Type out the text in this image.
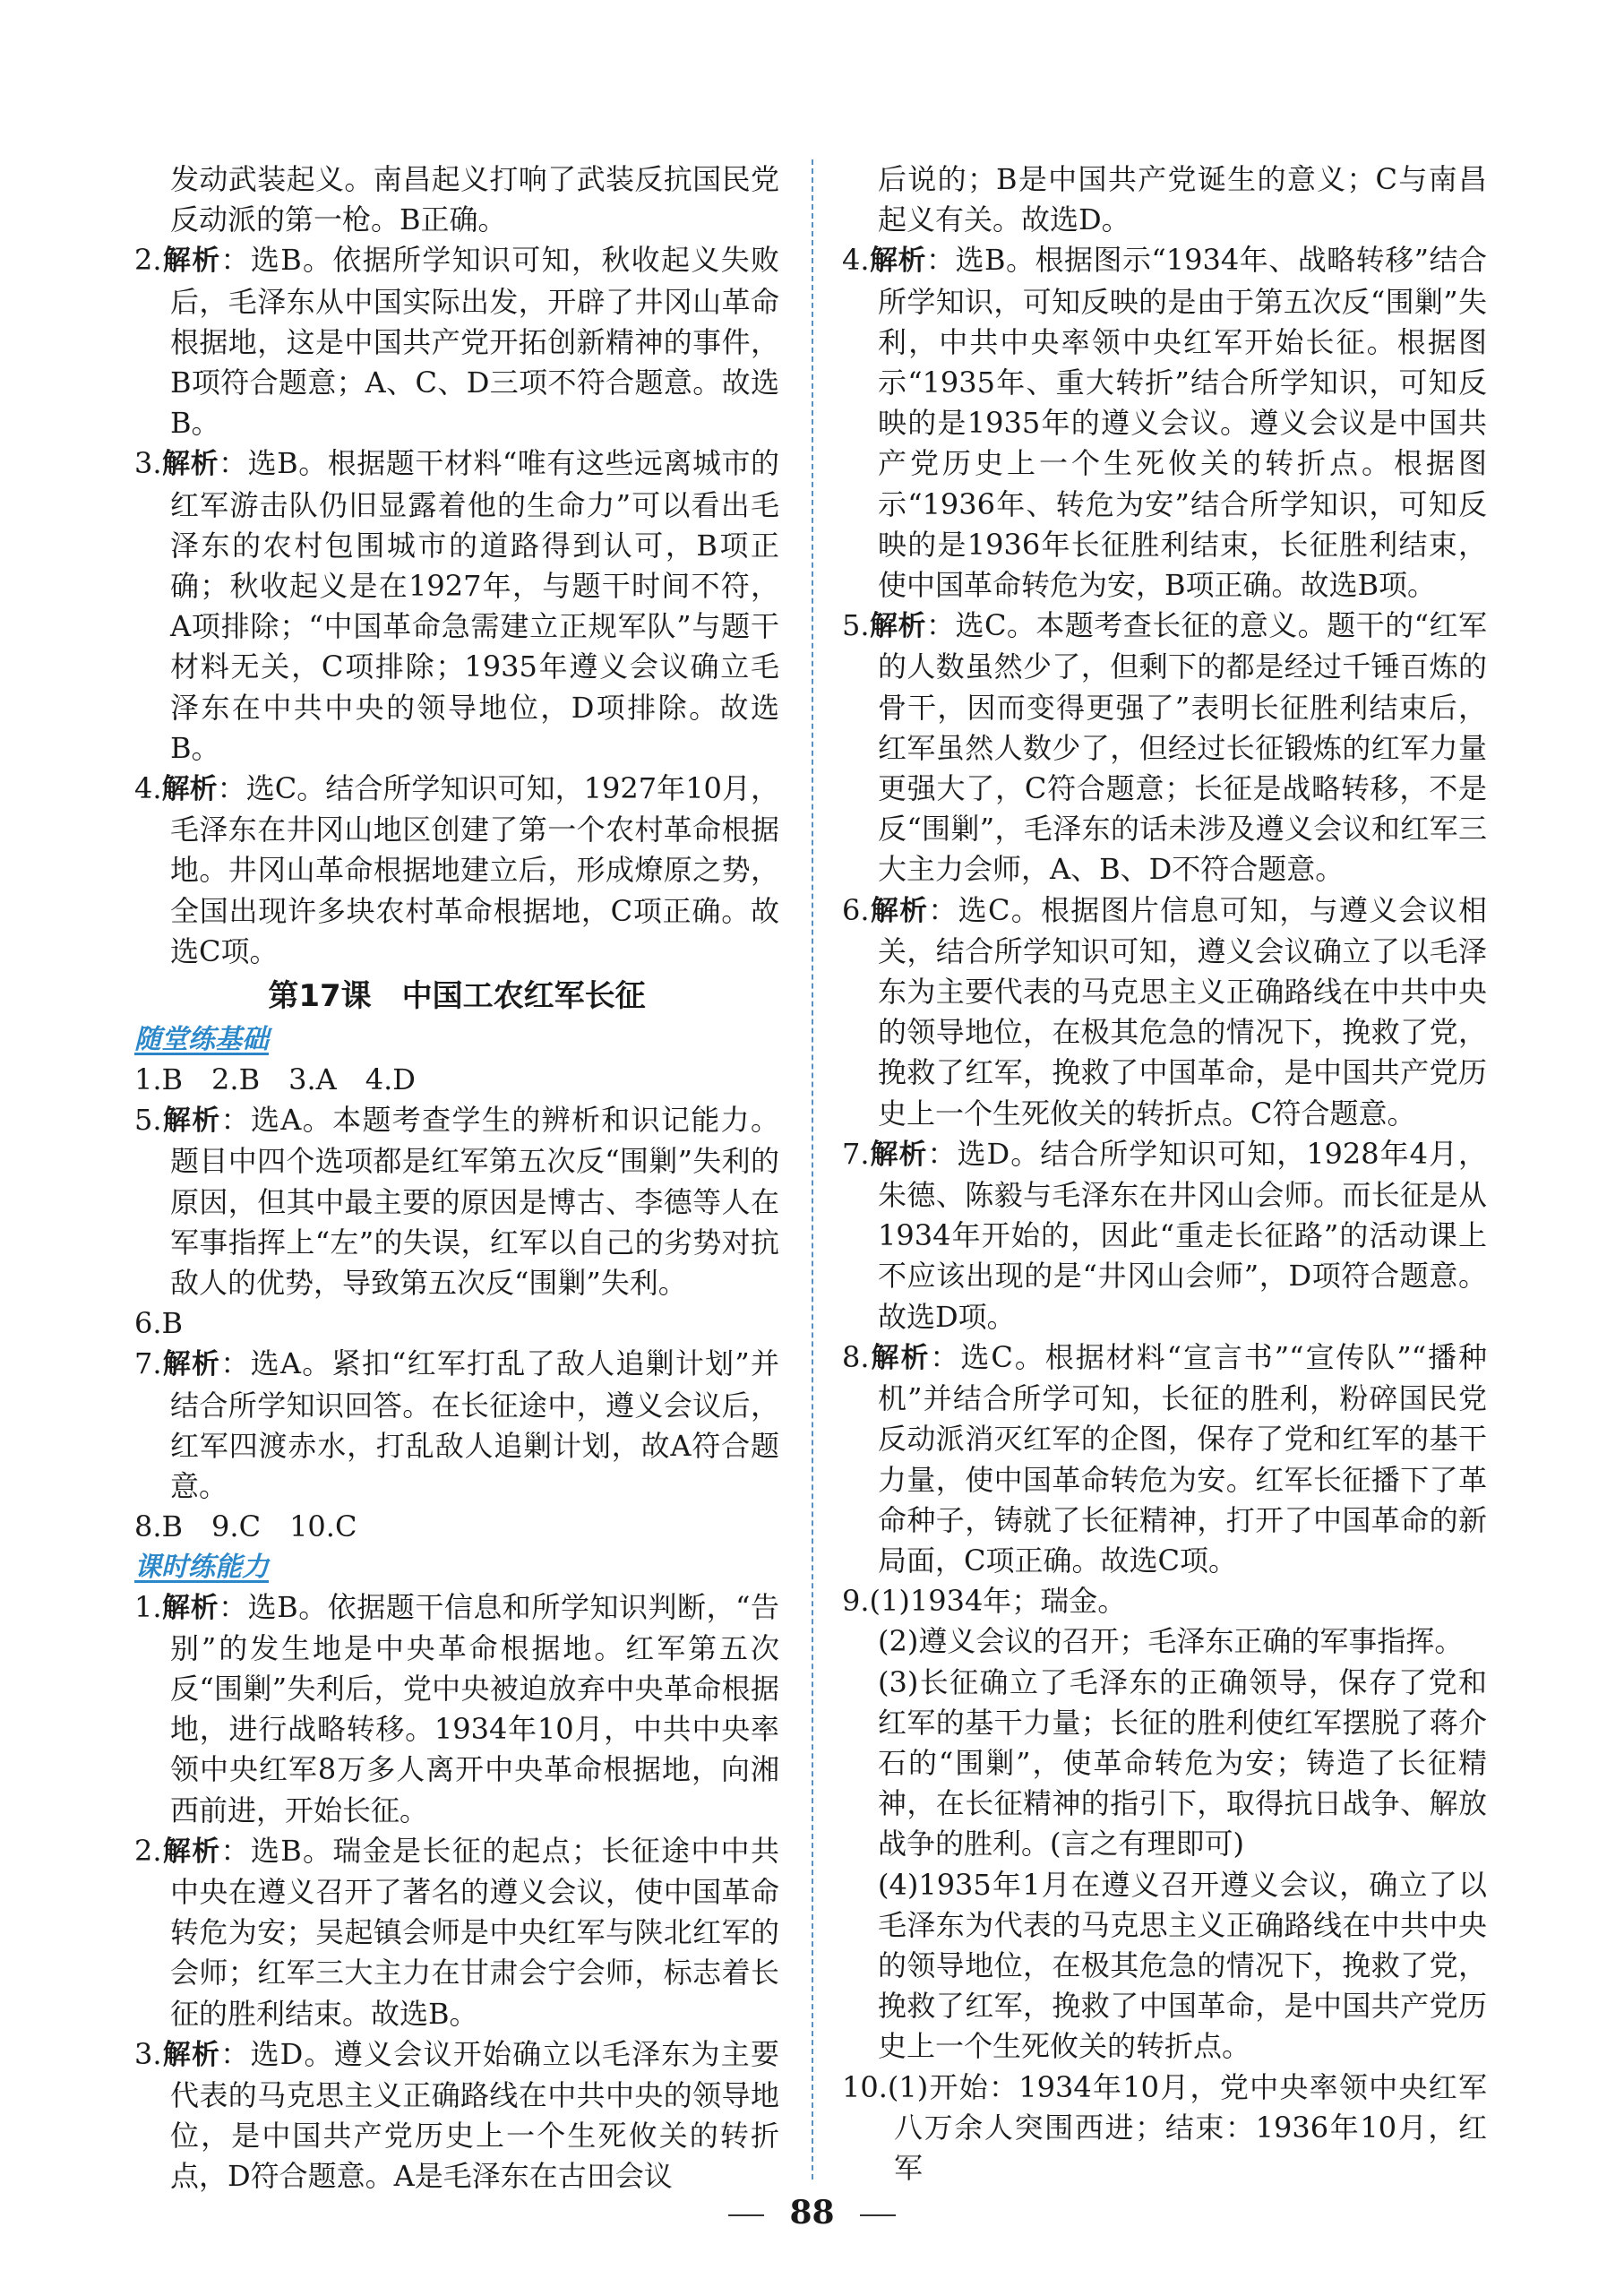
发动武装起义。南昌起义打响了武装反抗国民党反动派的第一枪。B正确。
2.解析：选B。依据所学知识可知，秋收起义失败后，毛泽东从中国实际出发，开辟了井冈山革命根据地，这是中国共产党开拓创新精神的事件，B项符合题意；A、C、D三项不符合题意。故选B。
3.解析：选B。根据题干材料“唯有这些远离城市的红军游击队仍旧显露着他的生命力”可以看出毛泽东的农村包围城市的道路得到认可，B项正确；秋收起义是在1927年，与题干时间不符，A项排除；“中国革命急需建立正规军队”与题干材料无关，C项排除；1935年遵义会议确立毛泽东在中共中央的领导地位，D项排除。故选B。
4.解析：选C。结合所学知识可知，1927年10月，毛泽东在井冈山地区创建了第一个农村革命根据地。井冈山革命根据地建立后，形成燎原之势，全国出现许多块农村革命根据地，C项正确。故选C项。
第17课　中国工农红军长征
随堂练基础
1.B　2.B　3.A　4.D
5.解析：选A。本题考查学生的辨析和识记能力。题目中四个选项都是红军第五次反“围剿”失利的原因，但其中最主要的原因是博古、李德等人在军事指挥上“左”的失误，红军以自己的劣势对抗敌人的优势，导致第五次反“围剿”失利。
6.B
7.解析：选A。紧扣“红军打乱了敌人追剿计划”并结合所学知识回答。在长征途中，遵义会议后，红军四渡赤水，打乱敌人追剿计划，故A符合题意。
8.B　9.C　10.C
课时练能力
1.解析：选B。依据题干信息和所学知识判断，“告别”的发生地是中央革命根据地。红军第五次反“围剿”失利后，党中央被迫放弃中央革命根据地，进行战略转移。1934年10月，中共中央率领中央红军8万多人离开中央革命根据地，向湘西前进，开始长征。
2.解析：选B。瑞金是长征的起点；长征途中中共中央在遵义召开了著名的遵义会议，使中国革命转危为安；吴起镇会师是中央红军与陕北红军的会师；红军三大主力在甘肃会宁会师，标志着长征的胜利结束。故选B。
3.解析：选D。遵义会议开始确立以毛泽东为主要代表的马克思主义正确路线在中共中央的领导地位，是中国共产党历史上一个生死攸关的转折点，D符合题意。A是毛泽东在古田会议
后说的；B是中国共产党诞生的意义；C与南昌起义有关。故选D。
4.解析：选B。根据图示“1934年、战略转移”结合所学知识，可知反映的是由于第五次反“围剿”失利，中共中央率领中央红军开始长征。根据图示“1935年、重大转折”结合所学知识，可知反映的是1935年的遵义会议。遵义会议是中国共产党历史上一个生死攸关的转折点。根据图示“1936年、转危为安”结合所学知识，可知反映的是1936年长征胜利结束，长征胜利结束，使中国革命转危为安，B项正确。故选B项。
5.解析：选C。本题考查长征的意义。题干的“红军的人数虽然少了，但剩下的都是经过千锤百炼的骨干，因而变得更强了”表明长征胜利结束后，红军虽然人数少了，但经过长征锻炼的红军力量更强大了，C符合题意；长征是战略转移，不是反“围剿”，毛泽东的话未涉及遵义会议和红军三大主力会师，A、B、D不符合题意。
6.解析：选C。根据图片信息可知，与遵义会议相关，结合所学知识可知，遵义会议确立了以毛泽东为主要代表的马克思主义正确路线在中共中央的领导地位，在极其危急的情况下，挽救了党，挽救了红军，挽救了中国革命，是中国共产党历史上一个生死攸关的转折点。C符合题意。
7.解析：选D。结合所学知识可知，1928年4月，朱德、陈毅与毛泽东在井冈山会师。而长征是从1934年开始的，因此“重走长征路”的活动课上不应该出现的是“井冈山会师”，D项符合题意。故选D项。
8.解析：选C。根据材料“宣言书”“宣传队”“播种机”并结合所学可知，长征的胜利，粉碎国民党反动派消灭红军的企图，保存了党和红军的基干力量，使中国革命转危为安。红军长征播下了革命种子，铸就了长征精神，打开了中国革命的新局面，C项正确。故选C项。
9.(1)1934年；瑞金。
(2)遵义会议的召开；毛泽东正确的军事指挥。
(3)长征确立了毛泽东的正确领导，保存了党和红军的基干力量；长征的胜利使红军摆脱了蒋介石的“围剿”，使革命转危为安；铸造了长征精神，在长征精神的指引下，取得抗日战争、解放战争的胜利。(言之有理即可)
(4)1935年1月在遵义召开遵义会议，确立了以毛泽东为代表的马克思主义正确路线在中共中央的领导地位，在极其危急的情况下，挽救了党，挽救了红军，挽救了中国革命，是中国共产党历史上一个生死攸关的转折点。
10.(1)开始：1934年10月，党中央率领中央红军八万余人突围西进；结束：1936年10月，红军
88
